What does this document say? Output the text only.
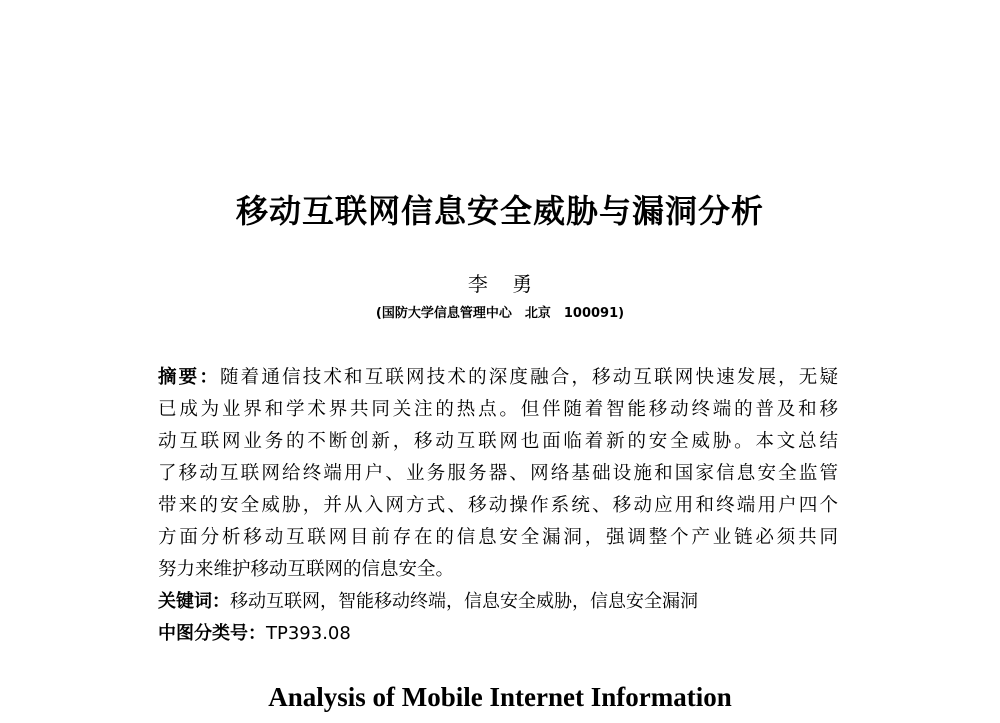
移动互联网信息安全威胁与漏洞分析
李 勇
(国防大学信息管理中心　北京　100091)
摘要：随着通信技术和互联网技术的深度融合，移动互联网快速发展，无疑
已成为业界和学术界共同关注的热点。但伴随着智能移动终端的普及和移
动互联网业务的不断创新，移动互联网也面临着新的安全威胁。本文总结
了移动互联网给终端用户、业务服务器、网络基础设施和国家信息安全监管
带来的安全威胁，并从入网方式、移动操作系统、移动应用和终端用户四个
方面分析移动互联网目前存在的信息安全漏洞，强调整个产业链必须共同
努力来维护移动互联网的信息安全。
关键词：移动互联网，智能移动终端，信息安全威胁，信息安全漏洞
中图分类号：TP393.08
Analysis of Mobile Internet Information
